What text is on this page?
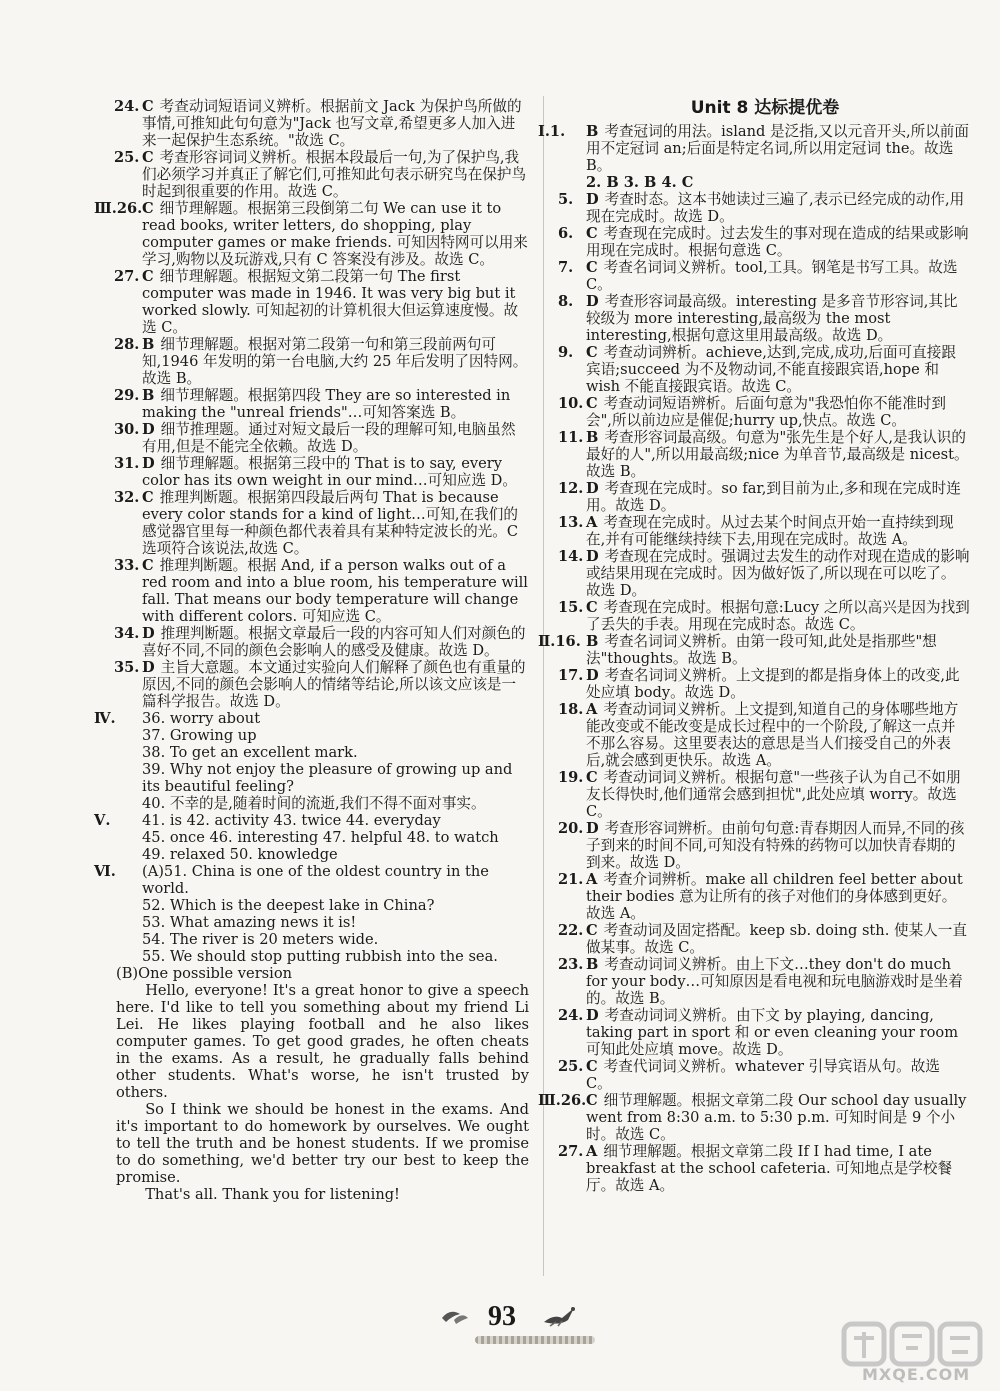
24. C 考查动词短语词义辨析。根据前文 Jack 为保护鸟所做的事情,可推知此句句意为"Jack 也写文章,希望更多人加入进来一起保护生态系统。"故选 C。

25. C 考查形容词词义辨析。根据本段最后一句,为了保护鸟,我们必须学习并真正了解它们,可推知此句表示研究鸟在保护鸟时起到很重要的作用。故选 C。

Ⅲ.26. C 细节理解题。根据第三段倒第二句 We can use it to read books, writer letters, do shopping, play computer games or make friends. 可知因特网可以用来学习,购物以及玩游戏,只有 C 答案没有涉及。故选 C。

27. C 细节理解题。根据短文第二段第一句 The first computer was made in 1946. It was very big but it worked slowly. 可知起初的计算机很大但运算速度慢。故选 C。

28. B 细节理解题。根据对第二段第一句和第三段前两句可知,1946 年发明的第一台电脑,大约 25 年后发明了因特网。故选 B。

29. B 细节理解题。根据第四段 They are so interested in making the "unreal friends"…可知答案选 B。

30. D 细节推理题。通过对短文最后一段的理解可知,电脑虽然有用,但是不能完全依赖。故选 D。

31. D 细节理解题。根据第三段中的 That is to say, every color has its own weight in our mind…可知应选 D。

32. C 推理判断题。根据第四段最后两句 That is because every color stands for a kind of light…可知,在我们的感觉器官里每一种颜色都代表着具有某种特定波长的光。C 选项符合该说法,故选 C。

33. C 推理判断题。根据 And, if a person walks out of a red room and into a blue room, his temperature will fall. That means our body temperature will change with different colors. 可知应选 C。

34. D 推理判断题。根据文章最后一段的内容可知人们对颜色的喜好不同,不同的颜色会影响人的感受及健康。故选 D。

35. D 主旨大意题。本文通过实验向人们解释了颜色也有重量的原因,不同的颜色会影响人的情绪等结论,所以该文应该是一篇科学报告。故选 D。

Ⅳ. 36. worry about

37. Growing up

38. To get an excellent mark.

39. Why not enjoy the pleasure of growing up and its beautiful feeling?

40. 不幸的是,随着时间的流逝,我们不得不面对事实。

Ⅴ. 41. is 42. activity 43. twice 44. everyday

45. once 46. interesting 47. helpful 48. to watch

49. relaxed 50. knowledge

Ⅵ. (A)51. China is one of the oldest country in the world.

52. Which is the deepest lake in China?

53. What amazing news it is!

54. The river is 20 meters wide.

55. We should stop putting rubbish into the sea.

(B)One possible version

Hello, everyone! It's a great honor to give a speech here. I'd like to tell you something about my friend Li Lei. He likes playing football and he also likes computer games. To get good grades, he often cheats in the exams. As a result, he gradually falls behind other students. What's worse, he isn't trusted by others.

So I think we should be honest in the exams. And it's important to do homework by ourselves. We ought to tell the truth and be honest students. If we promise to do something, we'd better try our best to keep the promise.

That's all. Thank you for listening!

Unit 8 达标提优卷

Ⅰ.1. B 考查冠词的用法。island 是泛指,又以元音开头,所以前面用不定冠词 an;后面是特定名词,所以用定冠词 the。故选 B。

2. B 3. B 4. C

5. D 考查时态。这本书她读过三遍了,表示已经完成的动作,用现在完成时。故选 D。

6. C 考查现在完成时。过去发生的事对现在造成的结果或影响用现在完成时。根据句意选 C。

7. C 考查名词词义辨析。tool,工具。钢笔是书写工具。故选 C。

8. D 考查形容词最高级。interesting 是多音节形容词,其比较级为 more interesting,最高级为 the most interesting,根据句意这里用最高级。故选 D。

9. C 考查动词辨析。achieve,达到,完成,成功,后面可直接跟宾语;succeed 为不及物动词,不能直接跟宾语,hope 和 wish 不能直接跟宾语。故选 C。

10. C 考查动词短语辨析。后面句意为"我恐怕你不能准时到会",所以前边应是催促;hurry up,快点。故选 C。

11. B 考查形容词最高级。句意为"张先生是个好人,是我认识的最好的人",所以用最高级;nice 为单音节,最高级是 nicest。故选 B。

12. D 考查现在完成时。so far,到目前为止,多和现在完成时连用。故选 D。

13. A 考查现在完成时。从过去某个时间点开始一直持续到现在,并有可能继续持续下去,用现在完成时。故选 A。

14. D 考查现在完成时。强调过去发生的动作对现在造成的影响或结果用现在完成时。因为做好饭了,所以现在可以吃了。故选 D。

15. C 考查现在完成时。根据句意:Lucy 之所以高兴是因为找到了丢失的手表。用现在完成时态。故选 C。

Ⅱ.16. B 考查名词词义辨析。由第一段可知,此处是指那些"想法"thoughts。故选 B。

17. D 考查名词词义辨析。上文提到的都是指身体上的改变,此处应填 body。故选 D。

18. A 考查动词词义辨析。上文提到,知道自己的身体哪些地方能改变或不能改变是成长过程中的一个阶段,了解这一点并不那么容易。这里要表达的意思是当人们接受自己的外表后,就会感到更快乐。故选 A。

19. C 考查动词词义辨析。根据句意"一些孩子认为自己不如朋友长得快时,他们通常会感到担忧",此处应填 worry。故选 C。

20. D 考查形容词辨析。由前句句意:青春期因人而异,不同的孩子到来的时间不同,可知没有特殊的药物可以加快青春期的到来。故选 D。

21. A 考查介词辨析。make all children feel better about their bodies 意为让所有的孩子对他们的身体感到更好。故选 A。

22. C 考查动词及固定搭配。keep sb. doing sth. 使某人一直做某事。故选 C。

23. B 考查动词词义辨析。由上下文…they don't do much for your body…可知原因是看电视和玩电脑游戏时是坐着的。故选 B。

24. D 考查动词词义辨析。由下文 by playing, dancing, taking part in sport 和 or even cleaning your room 可知此处应填 move。故选 D。

25. C 考查代词词义辨析。whatever 引导宾语从句。故选 C。

Ⅲ.26. C 细节理解题。根据文章第二段 Our school day usually went from 8:30 a.m. to 5:30 p.m. 可知时间是 9 个小时。故选 C。

27. A 细节理解题。根据文章第二段 If I had time, I ate breakfast at the school cafeteria. 可知地点是学校餐厅。故选 A。

93
MXQE.COM
